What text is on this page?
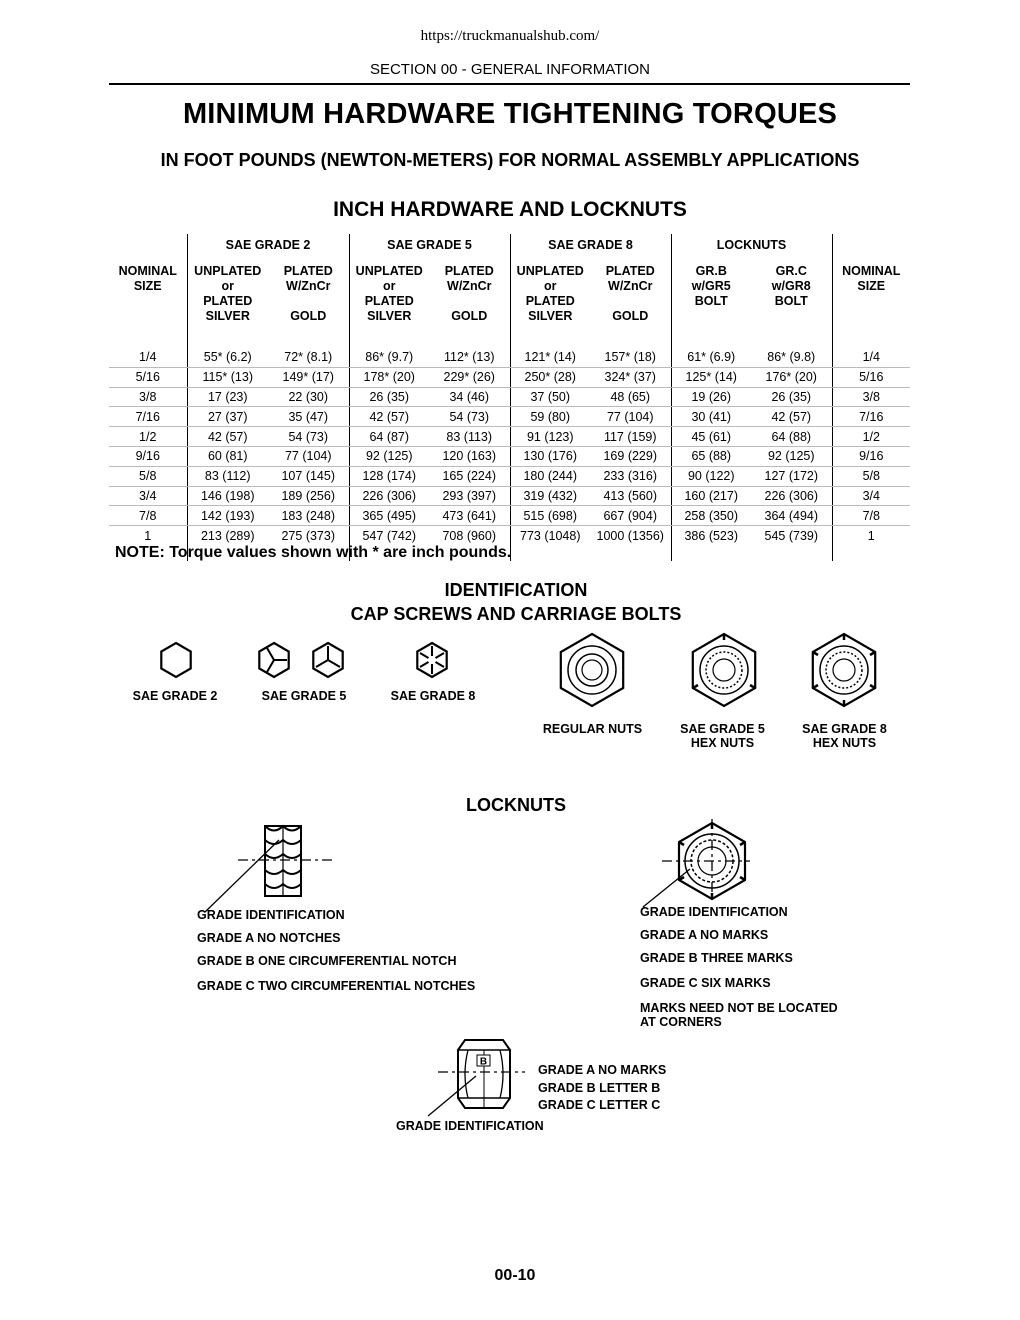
https://truckmanualshub.com/
SECTION 00 - GENERAL INFORMATION
MINIMUM HARDWARE TIGHTENING TORQUES
IN FOOT POUNDS (NEWTON-METERS) FOR NORMAL ASSEMBLY APPLICATIONS
INCH HARDWARE AND LOCKNUTS
	SAE GRADE 2		SAE GRADE 5		SAE GRADE 8		LOCKNUTS		

NOMINAL
SIZE	UNPLATED
or
PLATED
SILVER	PLATED
W/ZnCr

GOLD	UNPLATED
or
PLATED
SILVER	PLATED
W/ZnCr

GOLD	UNPLATED
or
PLATED
SILVER	PLATED
W/ZnCr

GOLD	GR.B
w/GR5
BOLT	GR.C
w/GR8
BOLT	NOMINAL
SIZE

1/4	55* (6.2)	72* (8.1)	86* (9.7)	112* (13)	121* (14)	157* (18)	61* (6.9)	86* (9.8)	1/4
5/16	115* (13)	149* (17)	178* (20)	229* (26)	250* (28)	324* (37)	125* (14)	176* (20)	5/16
3/8	17 (23)	22 (30)	26 (35)	34 (46)	37 (50)	48 (65)	19 (26)	26 (35)	3/8
7/16	27 (37)	35 (47)	42 (57)	54 (73)	59 (80)	77 (104)	30 (41)	42 (57)	7/16
1/2	42 (57)	54 (73)	64 (87)	83 (113)	91 (123)	117 (159)	45 (61)	64 (88)	1/2
9/16	60 (81)	77 (104)	92 (125)	120 (163)	130 (176)	169 (229)	65 (88)	92 (125)	9/16
5/8	83 (112)	107 (145)	128 (174)	165 (224)	180 (244)	233 (316)	90 (122)	127 (172)	5/8
3/4	146 (198)	189 (256)	226 (306)	293 (397)	319 (432)	413 (560)	160 (217)	226 (306)	3/4
7/8	142 (193)	183 (248)	365 (495)	473 (641)	515 (698)	667 (904)	258 (350)	364 (494)	7/8
1	213 (289)	275 (373)	547 (742)	708 (960)	773 (1048)	1000 (1356)	386 (523)	545 (739)	1

NOTE: Torque values shown with * are inch pounds.
IDENTIFICATION
CAP SCREWS AND CARRIAGE BOLTS
SAE GRADE 2	SAE GRADE 5	SAE GRADE 8
REGULAR NUTS	SAE GRADE 5
HEX NUTS
SAE GRADE 8
HEX NUTS
LOCKNUTS
GRADE IDENTIFICATION
GRADE A NO NOTCHES
GRADE B ONE CIRCUMFERENTIAL NOTCH
GRADE C TWO CIRCUMFERENTIAL NOTCHES
GRADE IDENTIFICATION
GRADE A NO MARKS
GRADE B THREE MARKS
GRADE C SIX MARKS
MARKS NEED NOT BE LOCATED
AT CORNERS
B
GRADE A NO MARKS
GRADE B LETTER B
GRADE C LETTER C
GRADE IDENTIFICATION
00-10
